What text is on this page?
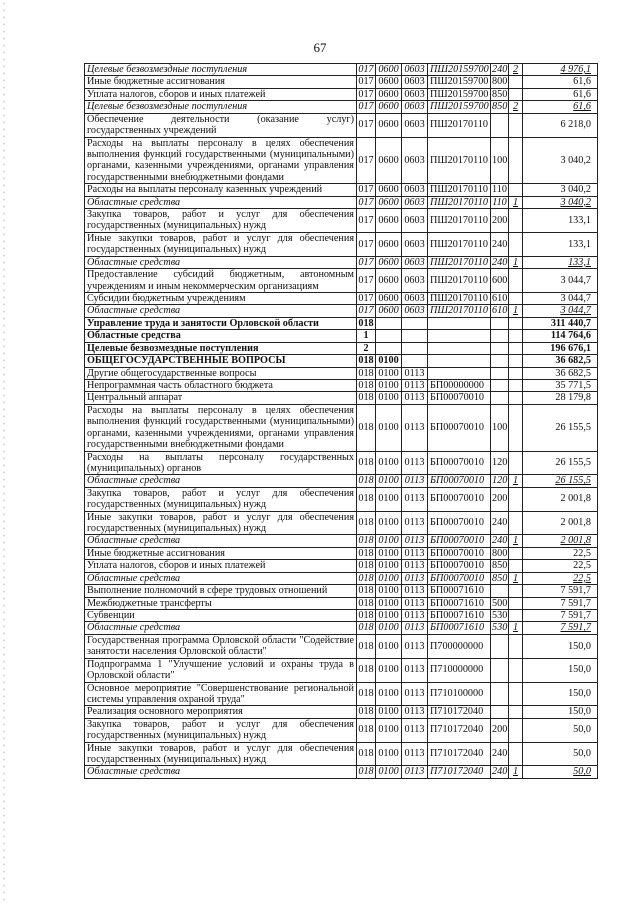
67
Целевые безвозмездные поступления	017	0600	0603	ПШ20159700	240	2	4 976,1
Иные бюджетные ассигнования	017	0600	0603	ПШ20159700	800		61,6
Уплата налогов, сборов и иных платежей	017	0600	0603	ПШ20159700	850		61,6
Целевые безвозмездные поступления	017	0600	0603	ПШ20159700	850	2	61,6
Обеспечение деятельности (оказание услуг) государственных учреждений	017	0600	0603	ПШ20170110			6 218,0
Расходы на выплаты персоналу в целях обеспечения выполнения функций государственными (муниципальными) органами, казенными учреждениями, органами управления государственными внебюджетными фондами	017	0600	0603	ПШ20170110	100		3 040,2
Расходы на выплаты персоналу казенных учреждений	017	0600	0603	ПШ20170110	110		3 040,2
Областные средства	017	0600	0603	ПШ20170110	110	1	3 040,2
Закупка товаров, работ и услуг для обеспечения государственных (муниципальных) нужд	017	0600	0603	ПШ20170110	200		133,1
Иные закупки товаров, работ и услуг для обеспечения государственных (муниципальных) нужд	017	0600	0603	ПШ20170110	240		133,1
Областные средства	017	0600	0603	ПШ20170110	240	1	133,1
Предоставление субсидий бюджетным, автономным учреждениям и иным некоммерческим организациям	017	0600	0603	ПШ20170110	600		3 044,7
Субсидии бюджетным учреждениям	017	0600	0603	ПШ20170110	610		3 044,7
Областные средства	017	0600	0603	ПШ20170110	610	1	3 044,7
Управление труда и занятости Орловской области	018						311 440,7
Областные средства	1						114 764,6
Целевые безвозмездные поступления	2						196 676,1
ОБЩЕГОСУДАРСТВЕННЫЕ ВОПРОСЫ	018	0100					36 682,5
Другие общегосударственные вопросы	018	0100	0113				36 682,5
Непрограммная часть областного бюджета	018	0100	0113	БП00000000			35 771,5
Центральный аппарат	018	0100	0113	БП00070010			28 179,8
Расходы на выплаты персоналу в целях обеспечения выполнения функций государственными (муниципальными) органами, казенными учреждениями, органами управления государственными внебюджетными фондами	018	0100	0113	БП00070010	100		26 155,5
Расходы на выплаты персоналу государственных (муниципальных) органов	018	0100	0113	БП00070010	120		26 155,5
Областные средства	018	0100	0113	БП00070010	120	1	26 155,5
Закупка товаров, работ и услуг для обеспечения государственных (муниципальных) нужд	018	0100	0113	БП00070010	200		2 001,8
Иные закупки товаров, работ и услуг для обеспечения государственных (муниципальных) нужд	018	0100	0113	БП00070010	240		2 001,8
Областные средства	018	0100	0113	БП00070010	240	1	2 001,8
Иные бюджетные ассигнования	018	0100	0113	БП00070010	800		22,5
Уплата налогов, сборов и иных платежей	018	0100	0113	БП00070010	850		22,5
Областные средства	018	0100	0113	БП00070010	850	1	22,5
Выполнение полномочий в сфере трудовых отношений	018	0100	0113	БП00071610			7 591,7
Межбюджетные трансферты	018	0100	0113	БП00071610	500		7 591,7
Субвенции	018	0100	0113	БП00071610	530		7 591,7
Областные средства	018	0100	0113	БП00071610	530	1	7 591,7
Государственная программа Орловской области "Содействие занятости населения Орловской области"	018	0100	0113	П700000000			150,0
Подпрограмма 1 "Улучшение условий и охраны труда в Орловской области"	018	0100	0113	П710000000			150,0
Основное мероприятие "Совершенствование региональной системы управления охраной труда"	018	0100	0113	П710100000			150,0
Реализация основного мероприятия	018	0100	0113	П710172040			150,0
Закупка товаров, работ и услуг для обеспечения государственных (муниципальных) нужд	018	0100	0113	П710172040	200		50,0
Иные закупки товаров, работ и услуг для обеспечения государственных (муниципальных) нужд	018	0100	0113	П710172040	240		50,0
Областные средства	018	0100	0113	П710172040	240	1	50,0
